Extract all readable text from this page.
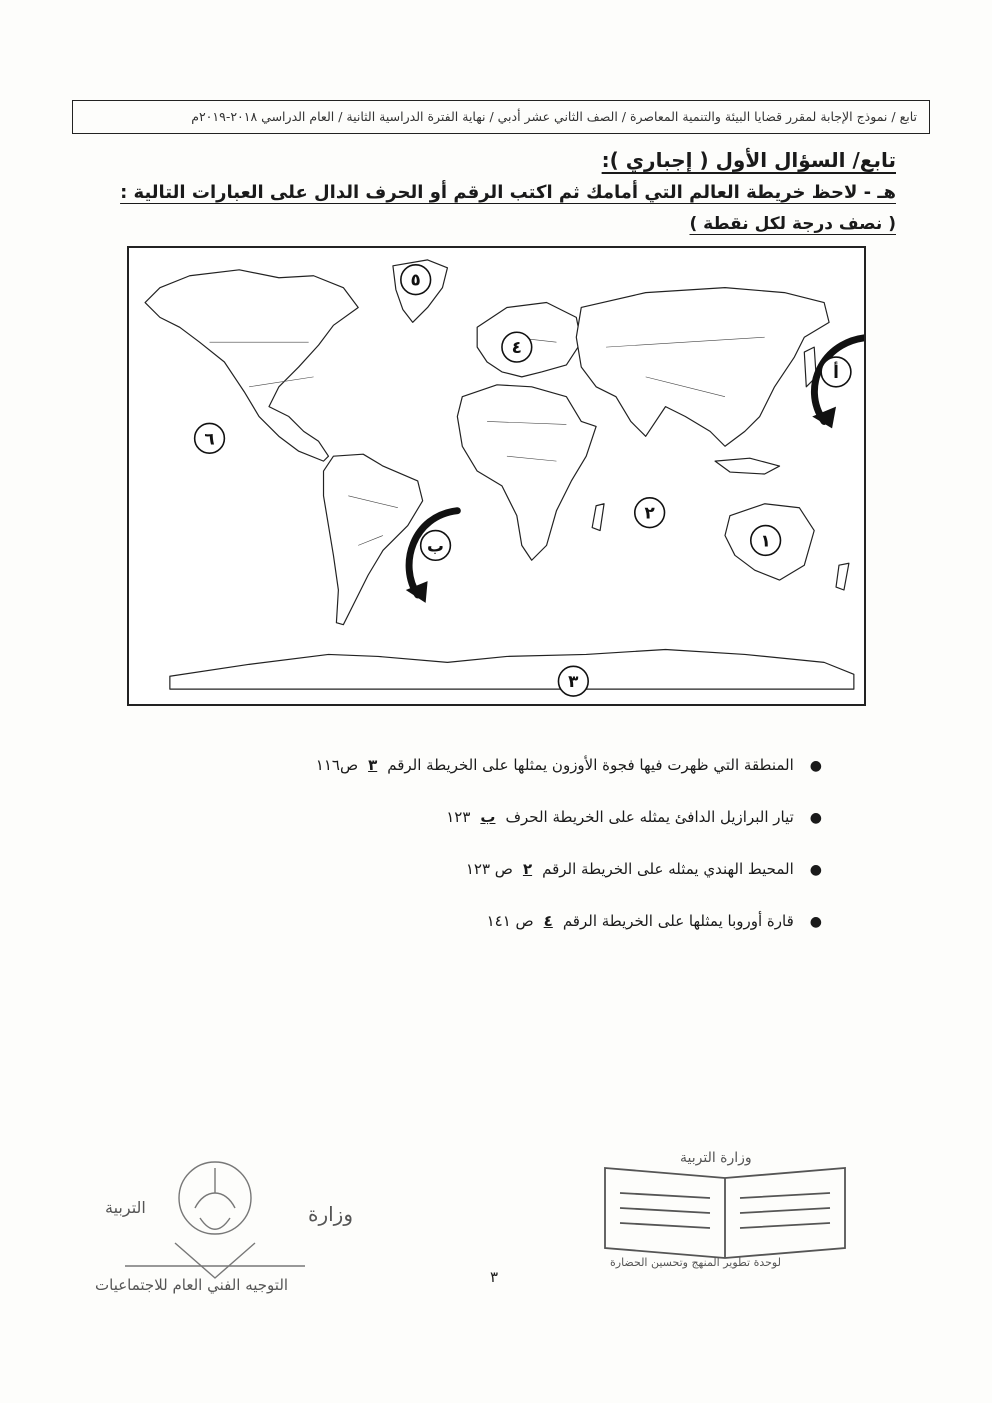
تابع / نموذج الإجابة لمقرر قضايا البيئة والتنمية المعاصرة / الصف الثاني عشر أدبي / نهاية الفترة الدراسية الثانية / العام الدراسي ٢٠١٨-٢٠١٩م
تابع/ السؤال الأول ( إجباري ):
هـ - لاحظ خريطة العالم التي أمامك ثم اكتب الرقم أو الحرف الدال على العبارات التالية :
( نصف درجة لكل نقطة )
أ
١
٢
٣
٤
٥
٦
ب
●
المنطقة التي ظهرت فيها فجوة الأوزون يمثلها على الخريطة الرقم
٣
ص١١٦
●
تيار البرازيل الدافئ يمثله على الخريطة الحرف
ب
١٢٣
●
المحيط الهندي يمثله على الخريطة الرقم
٢
ص ١٢٣
●
قارة أوروبا يمثلها على الخريطة الرقم
٤
ص ١٤١
وزارة
التربية
التوجيه الفني العام للاجتماعيات
وزارة التربية
لوحدة تطوير المنهج وتحسين الحضارة
٣
